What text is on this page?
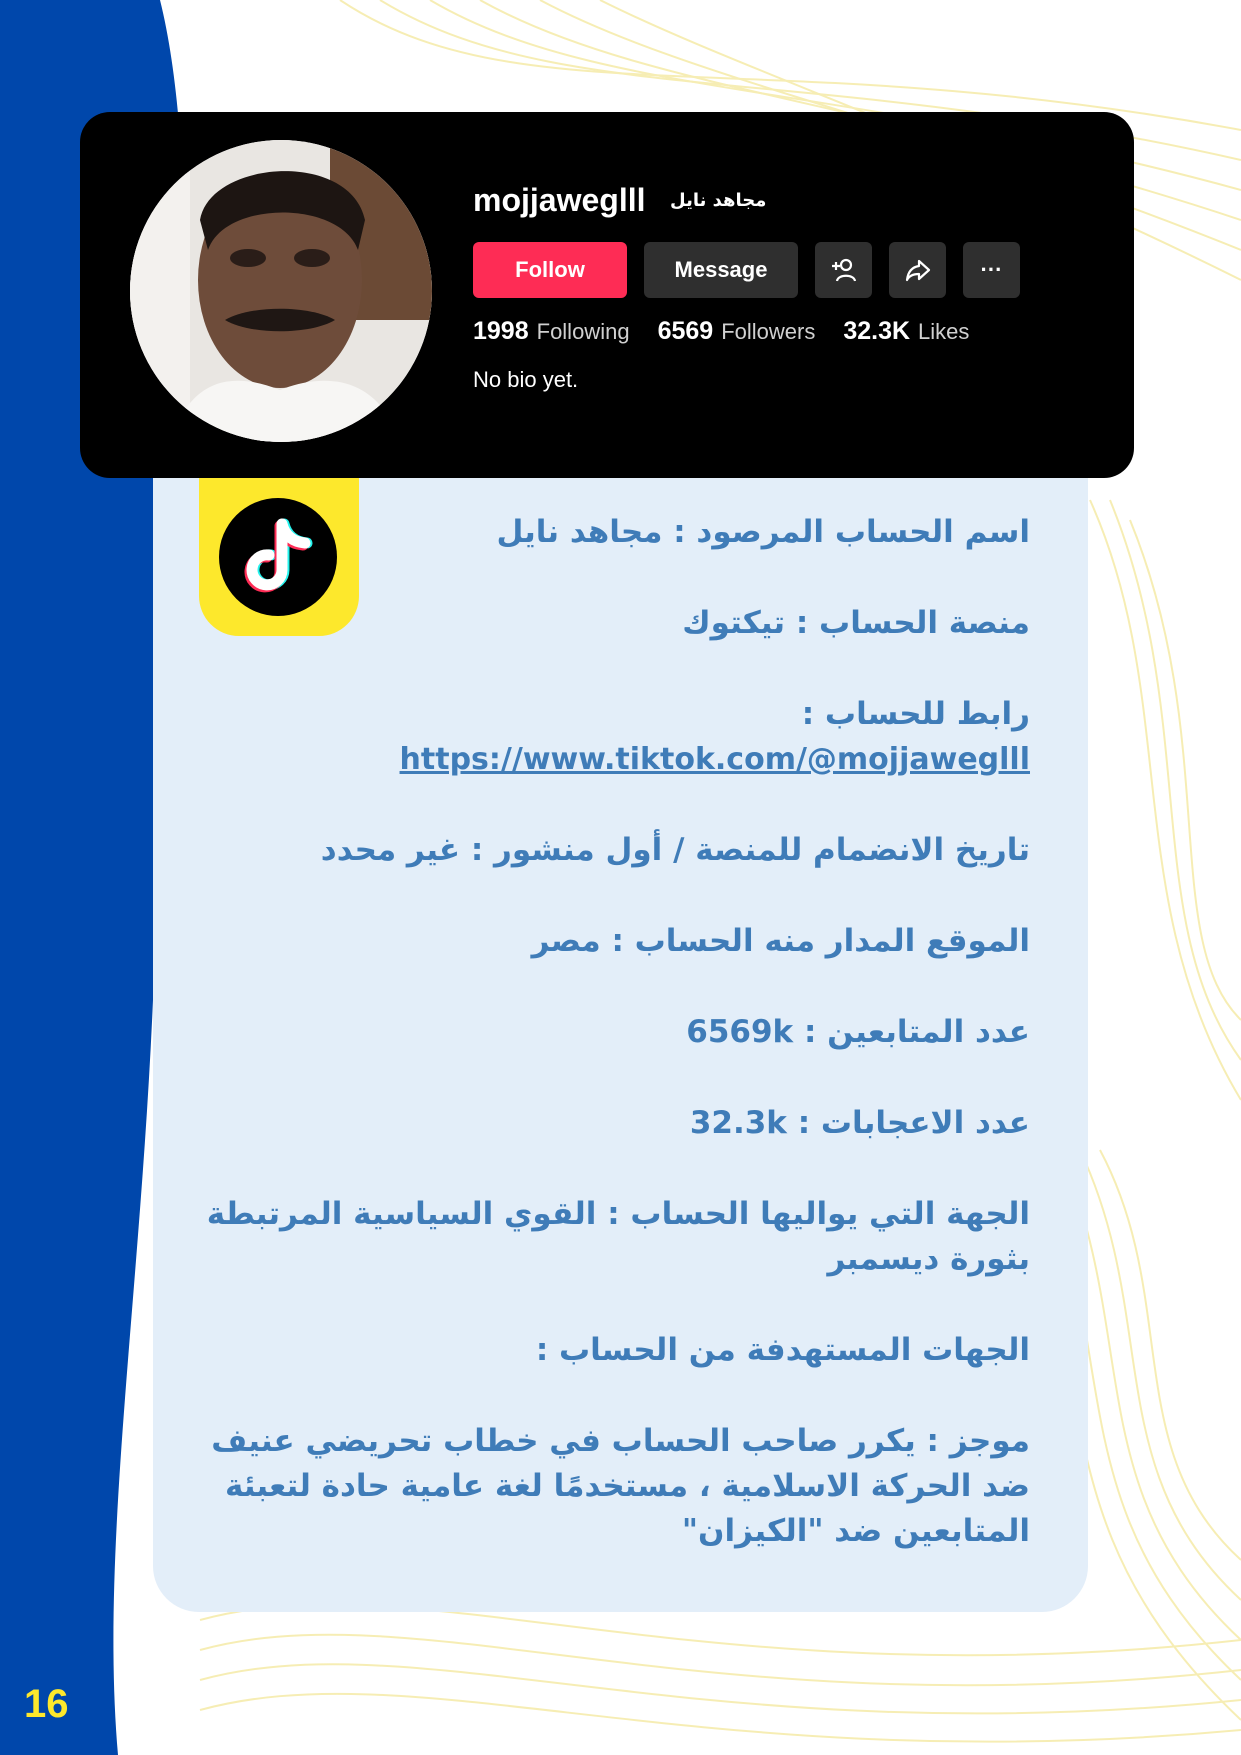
mojjaweglll مجاهد نايل
Follow	Message	···
1998 Following 6569 Followers 32.3K Likes
No bio yet.
اسم الحساب المرصود : مجاهد نايل
منصة الحساب : تيكتوك
رابط للحساب :
https://www.tiktok.com/@mojjaweglll
تاريخ الانضمام للمنصة / أول منشور : غير محدد
الموقع المدار منه الحساب : مصر
عدد المتابعين : 6569k
عدد الاعجابات : 32.3k
الجهة التي يواليها الحساب : القوي السياسية المرتبطة بثورة ديسمبر
الجهات المستهدفة من الحساب :
موجز : يكرر صاحب الحساب في خطاب تحريضي عنيف ضد الحركة الاسلامية ، مستخدمًا لغة عامية حادة لتعبئة المتابعين ضد "الكيزان"
16
